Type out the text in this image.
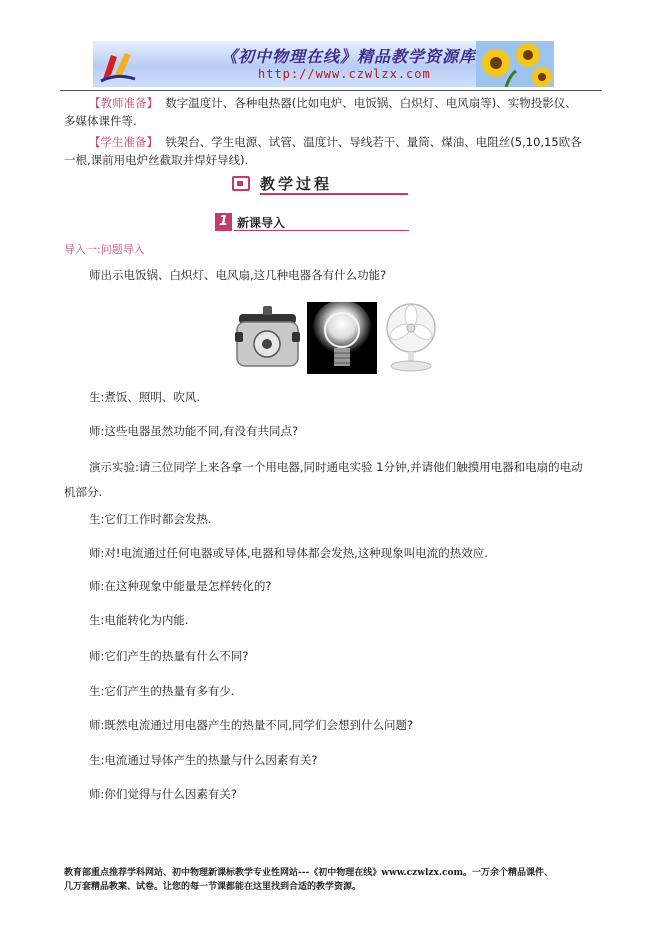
《初中物理在线》精品教学资源库
http://www.czwlzx.com
【教师准备】 数字温度计、各种电热器(比如电炉、电饭锅、白炽灯、电风扇等)、实物投影仪、
多媒体课件等.
【学生准备】 铁架台、学生电源、试管、温度计、导线若干、量筒、煤油、电阻丝(5,10,15欧各
一根,课前用电炉丝截取并焊好导线).
教学过程
1 新课导入
导入一:问题导入
师出示电饭锅、白炽灯、电风扇,这几种电器各有什么功能?
生:煮饭、照明、吹风.
师:这些电器虽然功能不同,有没有共同点?
演示实验:请三位同学上来各拿一个用电器,同时通电实验 1分钟,并请他们触摸用电器和电扇的电动
机部分.
生:它们工作时都会发热.
师:对!电流通过任何电器或导体,电器和导体都会发热,这种现象叫电流的热效应.
师:在这种现象中能量是怎样转化的?
生:电能转化为内能.
师:它们产生的热量有什么不同?
生:它们产生的热量有多有少.
师:既然电流通过用电器产生的热量不同,同学们会想到什么问题?
生:电流通过导体产生的热量与什么因素有关?
师:你们觉得与什么因素有关?
教育部重点推荐学科网站、初中物理新课标教学专业性网站---《初中物理在线》www.czwlzx.com。一万余个精品课件、
几万套精品教案、试卷。让您的每一节课都能在这里找到合适的教学资源。
